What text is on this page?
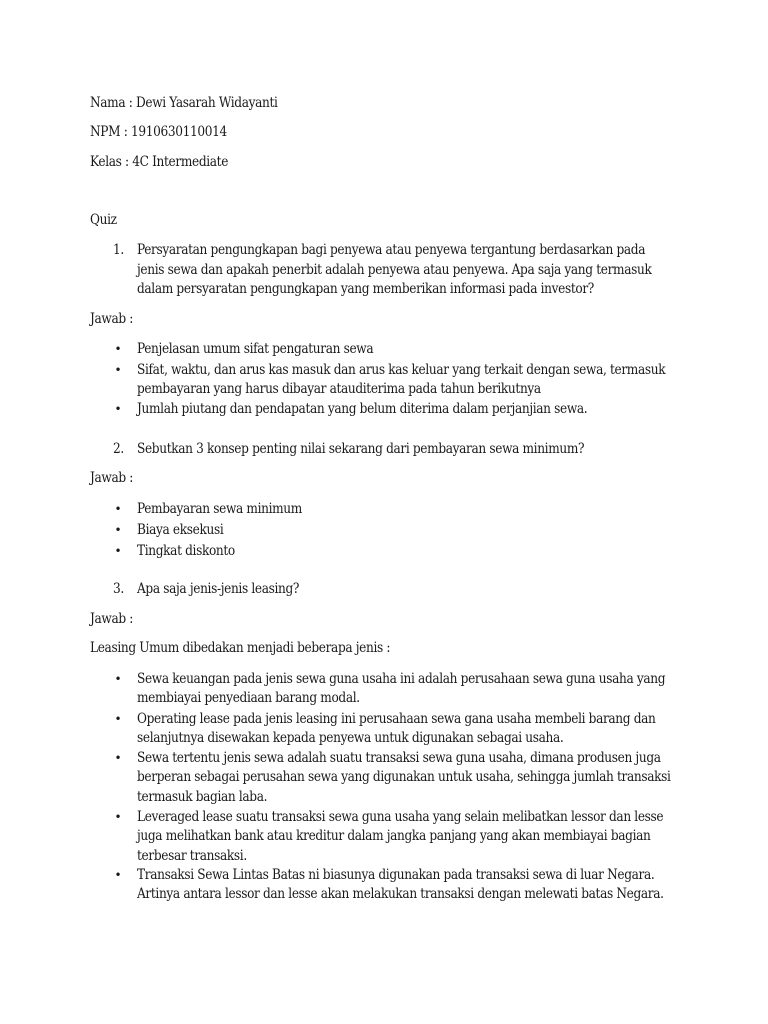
Nama : Dewi Yasarah Widayanti
NPM : 1910630110014
Kelas : 4C Intermediate
Quiz
1. Persyaratan pengungkapan bagi penyewa atau penyewa tergantung berdasarkan pada
jenis sewa dan apakah penerbit adalah penyewa atau penyewa. Apa saja yang termasuk
dalam persyaratan pengungkapan yang memberikan informasi pada investor?
Jawab :
• Penjelasan umum sifat pengaturan sewa
• Sifat, waktu, dan arus kas masuk dan arus kas keluar yang terkait dengan sewa, termasuk
pembayaran yang harus dibayar atauditerima pada tahun berikutnya
• Jumlah piutang dan pendapatan yang belum diterima dalam perjanjian sewa.
2. Sebutkan 3 konsep penting nilai sekarang dari pembayaran sewa minimum?
Jawab :
• Pembayaran sewa minimum
• Biaya eksekusi
• Tingkat diskonto
3. Apa saja jenis-jenis leasing?
Jawab :
Leasing Umum dibedakan menjadi beberapa jenis :
• Sewa keuangan pada jenis sewa guna usaha ini adalah perusahaan sewa guna usaha yang
membiayai penyediaan barang modal.
• Operating lease pada jenis leasing ini perusahaan sewa gana usaha membeli barang dan
selanjutnya disewakan kepada penyewa untuk digunakan sebagai usaha.
• Sewa tertentu jenis sewa adalah suatu transaksi sewa guna usaha, dimana produsen juga
berperan sebagai perusahan sewa yang digunakan untuk usaha, sehingga jumlah transaksi
termasuk bagian laba.
• Leveraged lease suatu transaksi sewa guna usaha yang selain melibatkan lessor dan lesse
juga melihatkan bank atau kreditur dalam jangka panjang yang akan membiayai bagian
terbesar transaksi.
• Transaksi Sewa Lintas Batas ni biasunya digunakan pada transaksi sewa di luar Negara.
Artinya antara lessor dan lesse akan melakukan transaksi dengan melewati batas Negara.
